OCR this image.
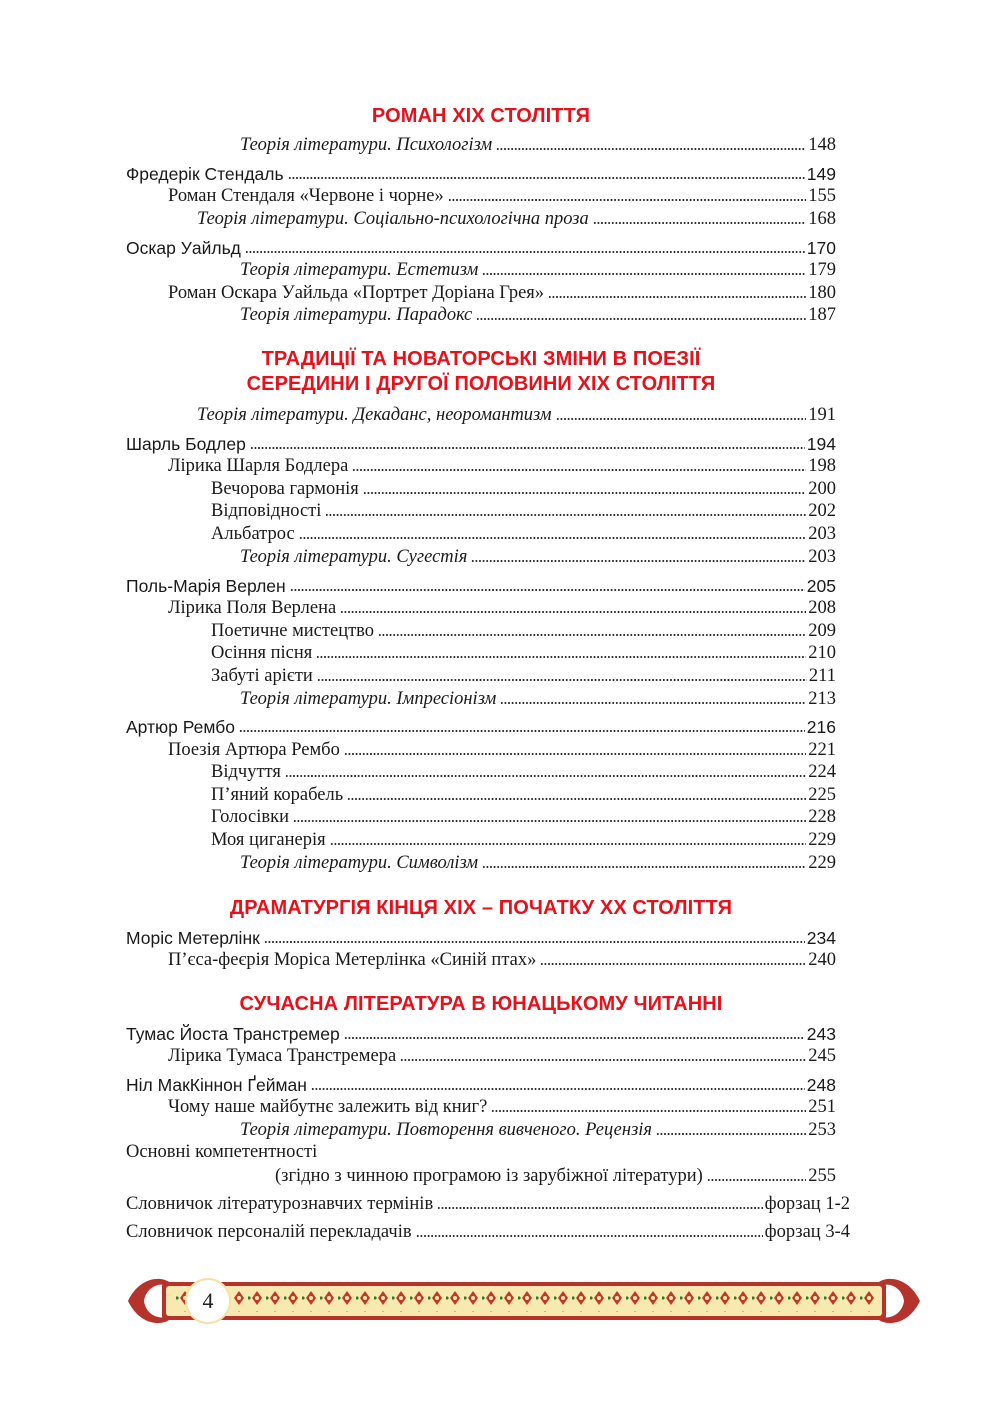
РОМАН XIX СТОЛІТТЯ
Теорія літератури. Психологізм	148
Фредерік Стендаль	149
Роман Стендаля «Червоне і чорне»	155
Теорія літератури. Соціально-психологічна проза	168
Оскар Уайльд	170
Теорія літератури. Естетизм	179
Роман Оскара Уайльда «Портрет Доріана Грея»	180
Теорія літератури. Парадокс	187
ТРАДИЦІЇ ТА НОВАТОРСЬКІ ЗМІНИ В ПОЕЗІЇ
СЕРЕДИНИ І ДРУГОЇ ПОЛОВИНИ XIX СТОЛІТТЯ
Теорія літератури. Декаданс, неоромантизм	191
Шарль Бодлер	194
Лірика Шарля Бодлера	198
Вечорова гармонія	200
Відповідності	202
Альбатрос	203
Теорія літератури. Сугестія	203
Поль-Марія Верлен	205
Лірика Поля Верлена	208
Поетичне мистецтво	209
Осіння пісня	210
Забуті арієти	211
Теорія літератури. Імпресіонізм	213
Артюр Рембо	216
Поезія Артюра Рембо	221
Відчуття	224
П’яний корабель	225
Голосівки	228
Моя циганерія	229
Теорія літератури. Символізм	229
ДРАМАТУРГІЯ КІНЦЯ XIX – ПОЧАТКУ XX СТОЛІТТЯ
Моріс Метерлінк	234
П’єса-феєрія Моріса Метерлінка «Синій птах»	240
СУЧАСНА ЛІТЕРАТУРА В ЮНАЦЬКОМУ ЧИТАННІ
Тумас Йоста Транстремер	243
Лірика Тумаса Транстремера	245
Ніл МакКіннон Ґейман	248
Чому наше майбутнє залежить від книг?	251
Теорія літератури. Повторення вивченого. Рецензія	253
Основні компетентності
(згідно з чинною програмою із зарубіжної літератури)	255
Словничок літературознавчих термінів	форзац 1-2
Словничок персоналій перекладачів	форзац 3-4
4
